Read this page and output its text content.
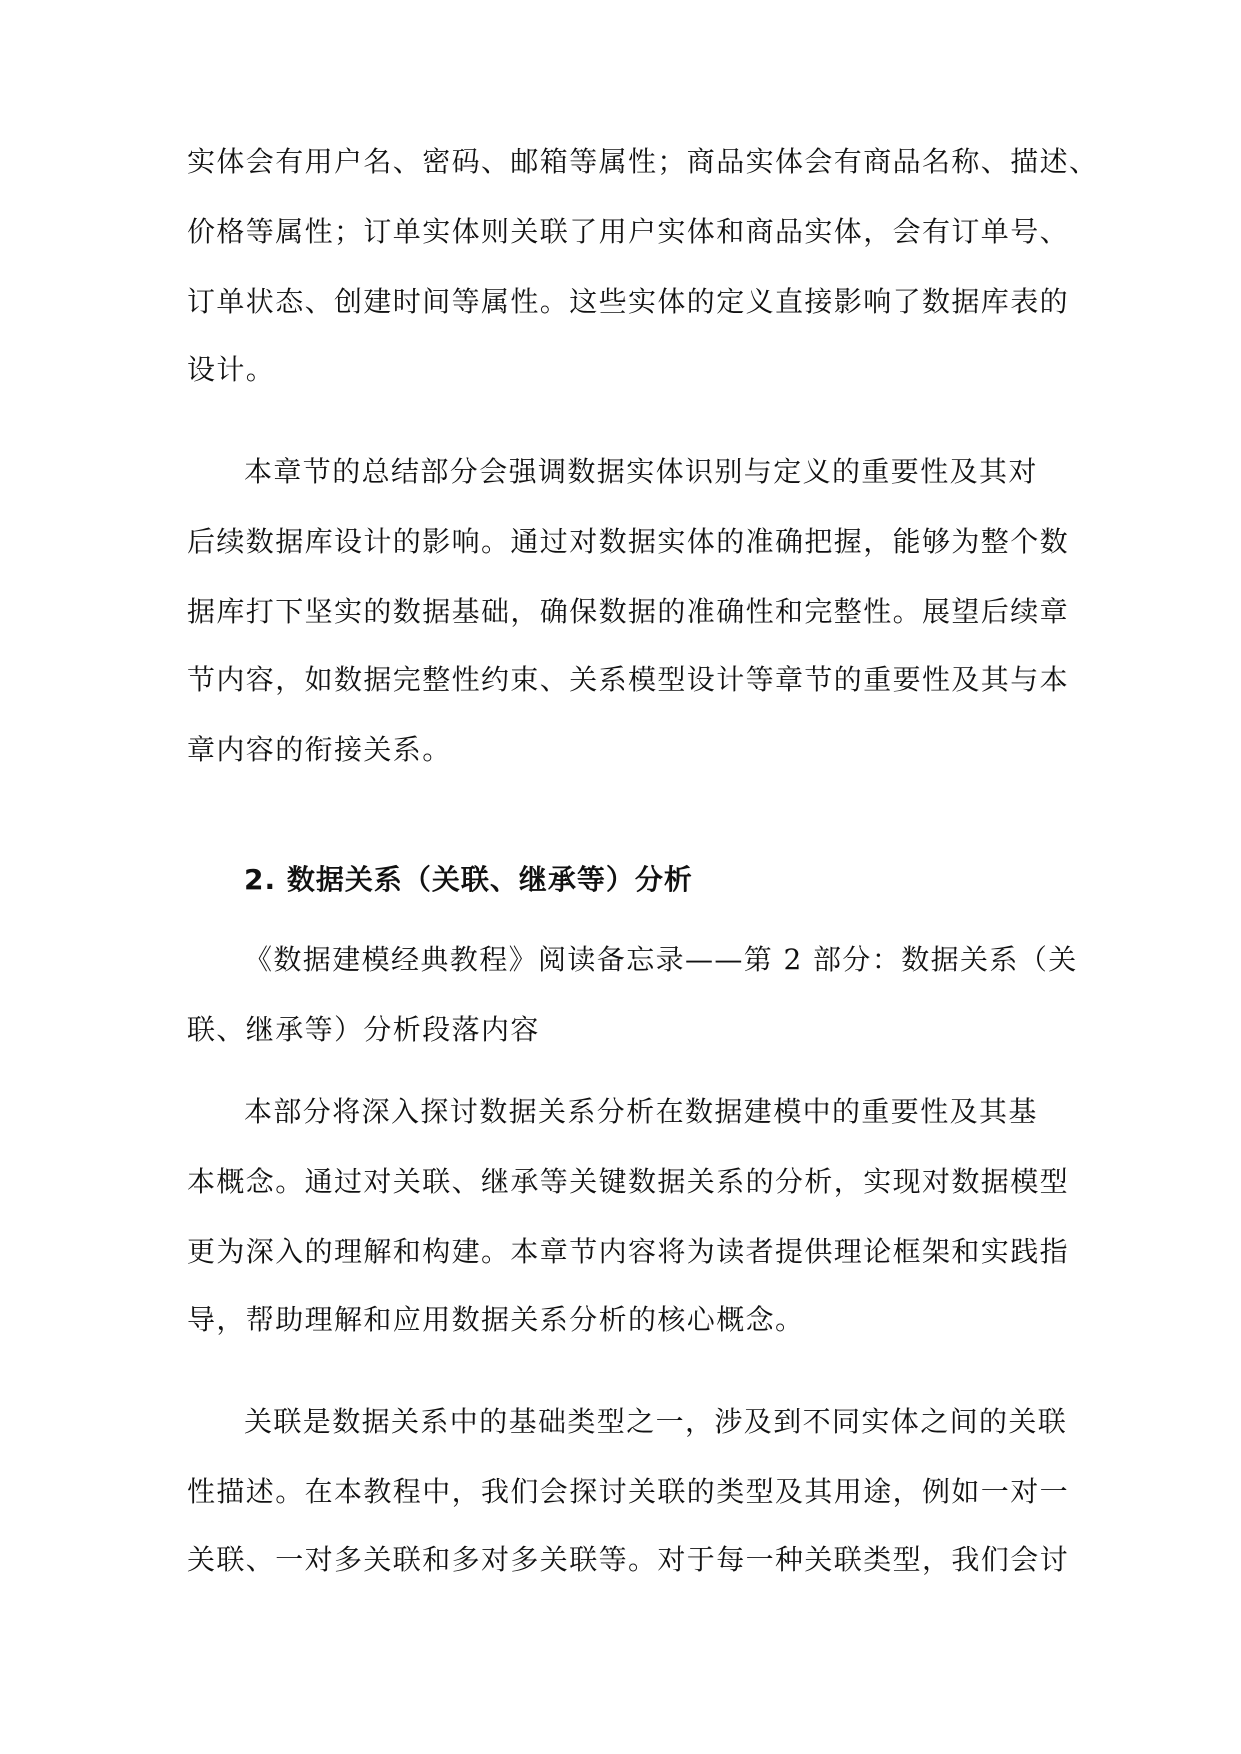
实体会有用户名、密码、邮箱等属性；商品实体会有商品名称、描述、
价格等属性；订单实体则关联了用户实体和商品实体，会有订单号、
订单状态、创建时间等属性。这些实体的定义直接影响了数据库表的
设计。
本章节的总结部分会强调数据实体识别与定义的重要性及其对
后续数据库设计的影响。通过对数据实体的准确把握，能够为整个数
据库打下坚实的数据基础，确保数据的准确性和完整性。展望后续章
节内容，如数据完整性约束、关系模型设计等章节的重要性及其与本
章内容的衔接关系。
2. 数据关系（关联、继承等）分析
《数据建模经典教程》阅读备忘录——第 2 部分：数据关系（关
联、继承等）分析段落内容
本部分将深入探讨数据关系分析在数据建模中的重要性及其基
本概念。通过对关联、继承等关键数据关系的分析，实现对数据模型
更为深入的理解和构建。本章节内容将为读者提供理论框架和实践指
导，帮助理解和应用数据关系分析的核心概念。
关联是数据关系中的基础类型之一，涉及到不同实体之间的关联
性描述。在本教程中，我们会探讨关联的类型及其用途，例如一对一
关联、一对多关联和多对多关联等。对于每一种关联类型，我们会讨
